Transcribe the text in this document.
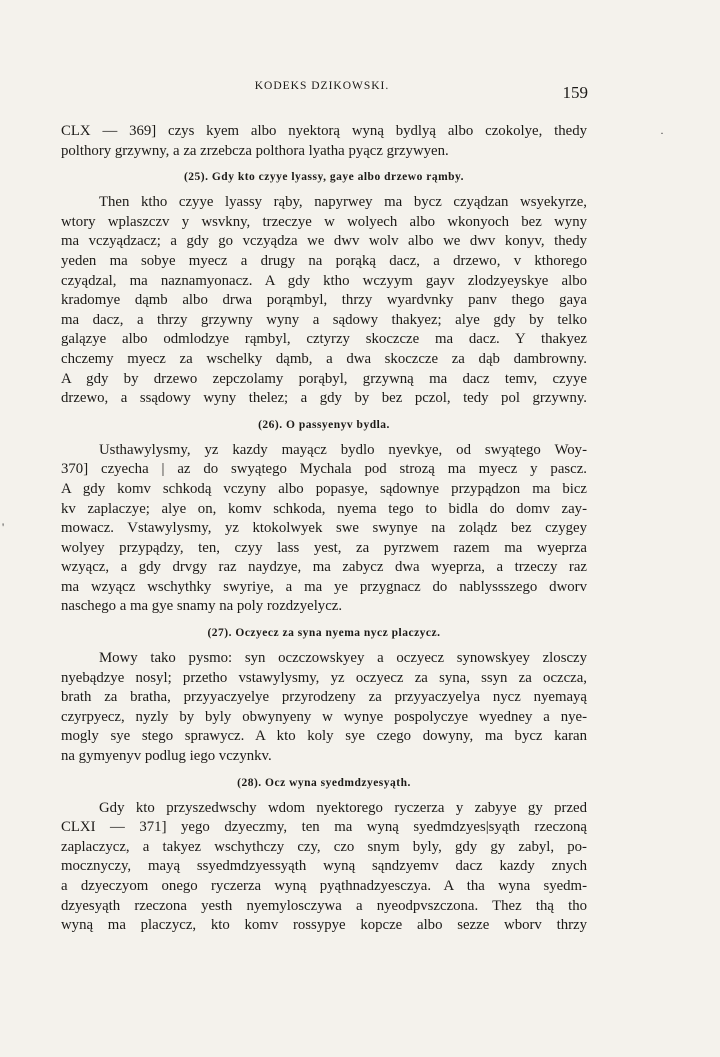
KODEKS DZIKOWSKI.	159
CLX — 369] czys kyem albo nyektorą wyną bydlyą albo czokolye, thedy
polthory grzywny, a za zrzebcza polthora lyatha pyącz grzywyen.
(25). Gdy kto czyye lyassy, gaye albo drzewo rąmby.
Then ktho czyye lyassy rąby, napyrwey ma bycz czyądzan wsyekyrze,
wtory wplaszczv y wsvkny, trzeczye w wolyech albo wkonyoch bez wyny
ma vczyądzacz; a gdy go vczyądza we dwv wolv albo we dwv konyv, thedy
yeden ma sobye myecz a drugy na porąką dacz, a drzewo, v kthorego
czyądzal, ma naznamyonacz. A gdy ktho wczyym gayv zlodzyeyskye albo
kradomye dąmb albo drwa porąmbyl, thrzy wyardvnky panv thego gaya
ma dacz, a thrzy grzywny wyny a sądowy thakyez; alye gdy by telko
galązye albo odmlodzye rąmbyl, cztyrzy skoczcze ma dacz. Y thakyez
chczemy myecz za wschelky dąmb, a dwa skoczcze za dąb dambrowny.
A gdy by drzewo zepczolamy porąbyl, grzywną ma dacz temv, czyye
drzewo, a ssądowy wyny thelez; a gdy by bez pczol, tedy pol grzywny.
(26). O passyenyv bydla.
Usthawylysmy, yz kazdy mayącz bydlo nyevkye, od swyątego Woy-
370] czyecha | az do swyątego Mychala pod strozą ma myecz y pascz.
A gdy komv schkodą vczyny albo popasye, sądownye przypądzon ma bicz
kv zaplaczye; alye on, komv schkoda, nyema tego to bidla do domv zay-
mowacz. Vstawylysmy, yz ktokolwyek swe swynye na zolądz bez czygey
wolyey przypądzy, ten, czyy lass yest, za pyrzwem razem ma wyeprza
wzyącz, a gdy drvgy raz naydzye, ma zabycz dwa wyeprza, a trzeczy raz
ma wzyącz wschythky swyriye, a ma ye przygnacz do nablyssszego dworv
naschego a ma gye snamy na poly rozdzyelycz.
(27). Oczyecz za syna nyema nycz placzycz.
Mowy tako pysmo: syn oczczowskyey a oczyecz synowskyey zlosczy
nyebądzye nosyl; przetho vstawylysmy, yz oczyecz za syna, ssyn za oczcza,
brath za bratha, przyyaczyelye przyrodzeny za przyyaczyelya nycz nyemayą
czyrpyecz, nyzly by byly obwynyeny w wynye pospolyczye wyedney a nye-
mogly sye stego sprawycz. A kto koly sye czego dowyny, ma bycz karan
na gymyenyv podlug iego vczynkv.
(28). Ocz wyna syedmdzyesyąth.
Gdy kto przyszedwschy wdom nyektorego ryczerza y zabyye gy przed
CLXI — 371] yego dzyeczmy, ten ma wyną syedmdzyes|syąth rzeczoną
zaplaczycz, a takyez wschythczy czy, czo snym byly, gdy gy zabyl, po-
mocznyczy, mayą ssyedmdzyessyąth wyną sąndzyemv dacz kazdy znych
a dzyeczyom onego ryczerza wyną pyąthnadzyesczya. A tha wyna syedm-
dzyesyąth rzeczona yesth nyemylosczywa a nyeodpvszczona. Thez thą tho
wyną ma placzycz, kto komv rossypye kopcze albo sezze wborv thrzy
'
·
